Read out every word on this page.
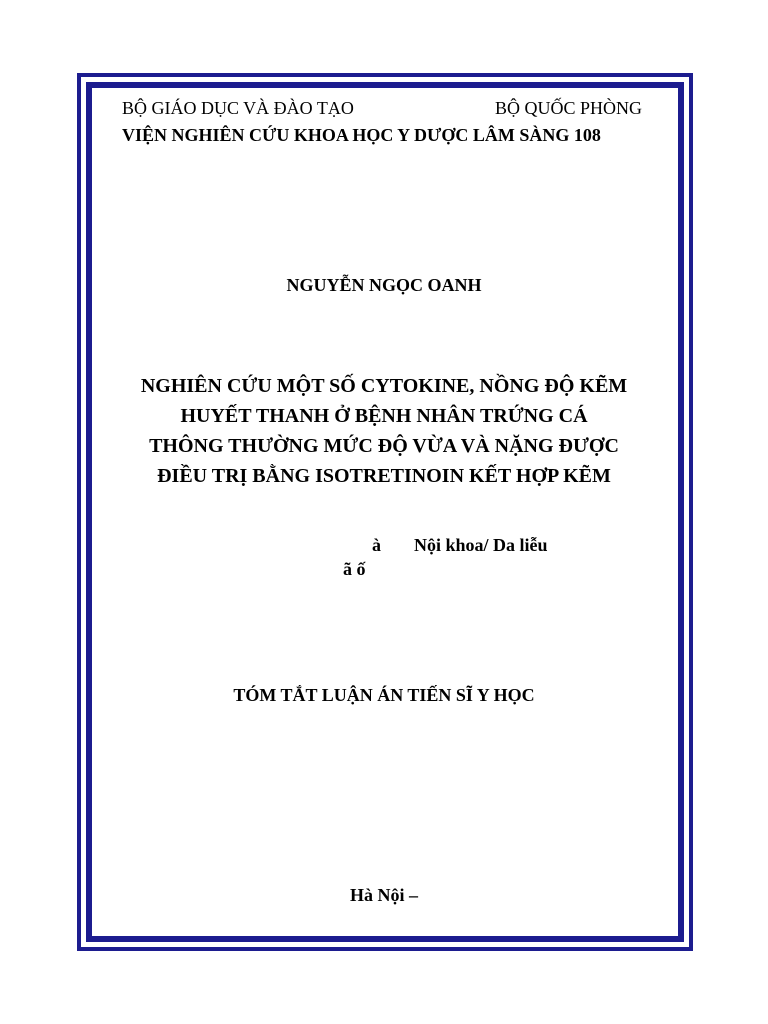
BỘ GIÁO DỤC VÀ ĐÀO TẠO	BỘ QUỐC PHÒNG
VIỆN NGHIÊN CỨU KHOA HỌC Y DƯỢC LÂM SÀNG 108
NGUYỄN NGỌC OANH
NGHIÊN CỨU MỘT SỐ CYTOKINE, NỒNG ĐỘ KẼM
HUYẾT THANH Ở BỆNH NHÂN TRỨNG CÁ
THÔNG THƯỜNG MỨC ĐỘ VỪA VÀ NẶNG ĐƯỢC
ĐIỀU TRỊ BẰNG ISOTRETINOIN KẾT HỢP KẼM
à Nội khoa/ Da liễu
ã ố
TÓM TẮT LUẬN ÁN TIẾN SĨ Y HỌC
Hà Nội –
